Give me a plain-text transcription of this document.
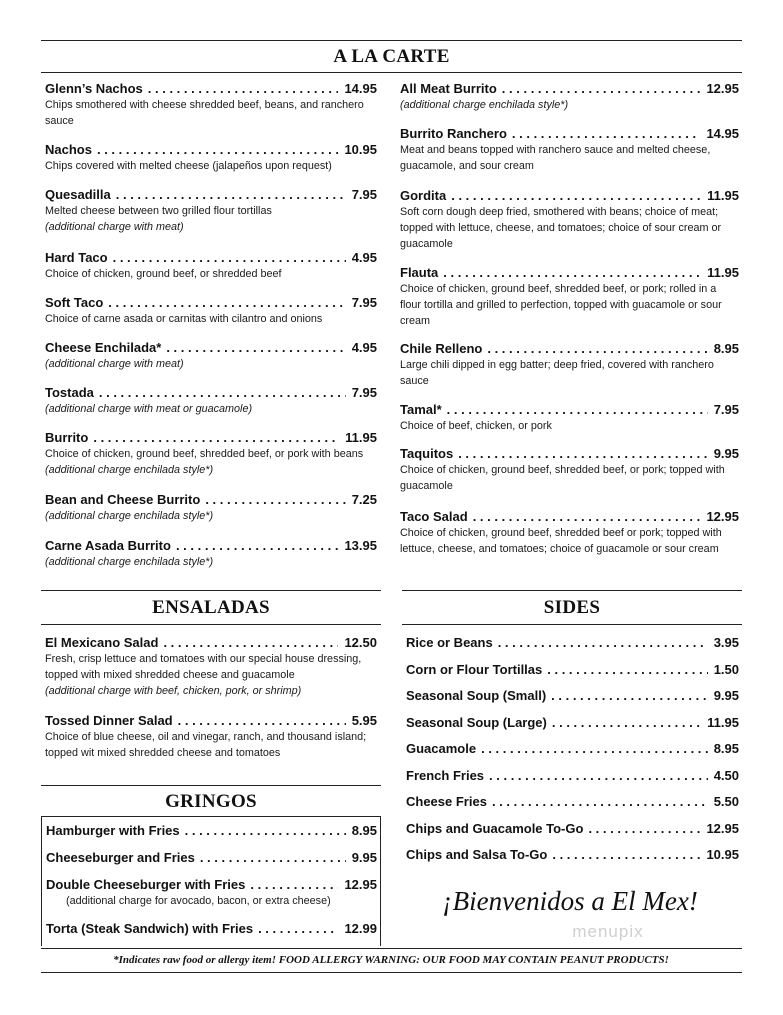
A LA CARTE
Glenn’s Nachos . . .	14.95
Chips smothered with cheese shredded beef, beans, and ranchero sauce
Nachos . . .	10.95
Chips covered with melted cheese (jalapeños upon request)
Quesadilla . . .	7.95
Melted cheese between two grilled flour tortillas
(additional charge with meat)
Hard Taco . . .	4.95
Choice of chicken, ground beef, or shredded beef
Soft Taco . . .	7.95
Choice of carne asada or carnitas with cilantro and onions
Cheese Enchilada* . . .	4.95
(additional charge with meat)
Tostada . . .	7.95
(additional charge with meat or guacamole)
Burrito . . .	11.95
Choice of chicken, ground beef, shredded beef, or pork with beans (additional charge enchilada style*)
Bean and Cheese Burrito . . .	7.25
(additional charge enchilada style*)
Carne Asada Burrito . . .	13.95
(additional charge enchilada style*)
All Meat Burrito . . .	12.95
(additional charge enchilada style*)
Burrito Ranchero . . .	14.95
Meat and beans topped with ranchero sauce and melted cheese, guacamole, and sour cream
Gordita . . .	11.95
Soft corn dough deep fried, smothered with beans; choice of meat; topped with lettuce, cheese, and tomatoes; choice of sour cream or guacamole
Flauta . . .	11.95
Choice of chicken, ground beef, shredded beef, or pork; rolled in a flour tortilla and grilled to perfection, topped with guacamole or sour cream
Chile Relleno . . .	8.95
Large chili dipped in egg batter; deep fried, covered with ranchero sauce
Tamal* . . .	7.95
Choice of beef, chicken, or pork
Taquitos . . .	9.95
Choice of chicken, ground beef, shredded beef, or pork; topped with guacamole
Taco Salad . . .	12.95
Choice of chicken, ground beef, shredded beef or pork; topped with lettuce, cheese, and tomatoes; choice of guacamole or sour cream
ENSALADAS
El Mexicano Salad . . .	12.50
Fresh, crisp lettuce and tomatoes with our special house dressing, topped with mixed shredded cheese and guacamole
(additional charge with beef, chicken, pork, or shrimp)
Tossed Dinner Salad . . .	5.95
Choice of blue cheese, oil and vinegar, ranch, and thousand island; topped wit mixed shredded cheese and tomatoes
GRINGOS
Hamburger with Fries . . .	8.95
Cheeseburger and Fries . . .	9.95
Double Cheeseburger with Fries . . .	12.95
(additional charge for avocado, bacon, or extra cheese)
Torta (Steak Sandwich) with Fries . . .	12.99
SIDES
Rice or Beans . . .	3.95
Corn or Flour Tortillas . . .	1.50
Seasonal Soup (Small) . . .	9.95
Seasonal Soup (Large) . . .	11.95
Guacamole . . .	8.95
French Fries . . .	4.50
Cheese Fries . . .	5.50
Chips and Guacamole To-Go . . .	12.95
Chips and Salsa To-Go . . .	10.95
¡Bienvenidos a El Mex!
menupix
*Indicates raw food or allergy item! FOOD ALLERGY WARNING: OUR FOOD MAY CONTAIN PEANUT PRODUCTS!
